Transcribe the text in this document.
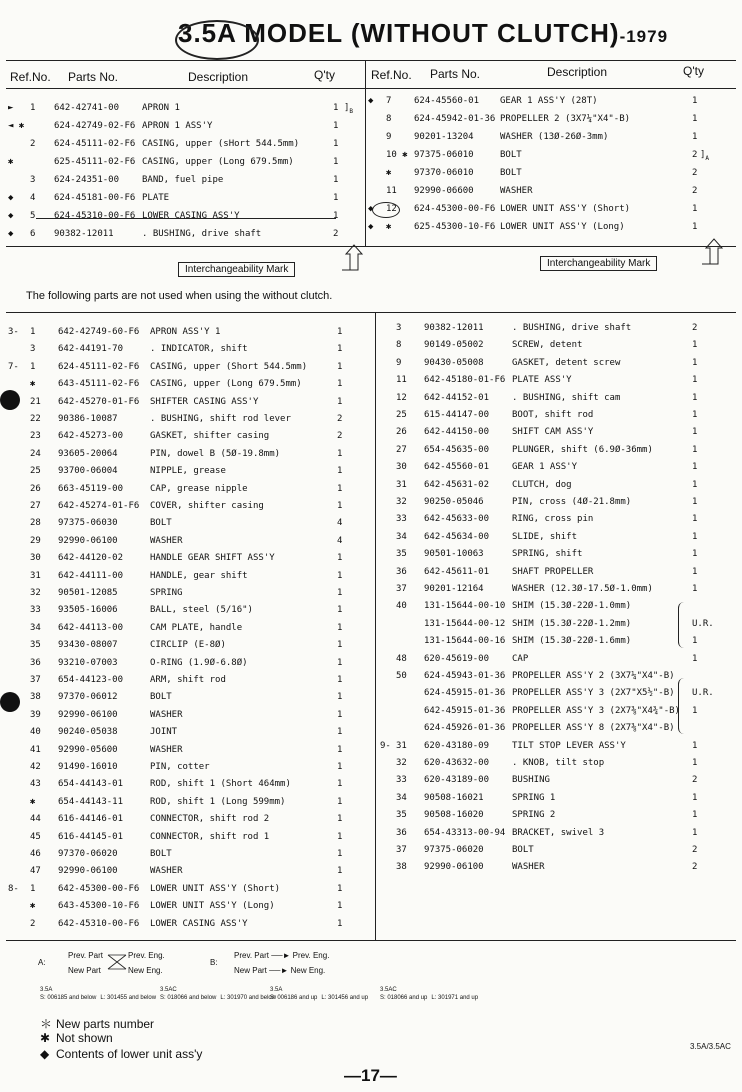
3.5A MODEL (WITHOUT CLUTCH)-1979
Ref.No. Parts No.	Description	Q'ty	Ref.No. Parts No.	Description	Q'ty
► 1 642-42741-00	APRON 1	1
◄ ✱	624-42749-02-F6 APRON 1 ASS'Y	1
2 624-45111-02-F6 CASING, upper (sHort 544.5mm)	1
✱	625-45111-02-F6 CASING, upper (Long 679.5mm)	1
3 624-24351-00	BAND, fuel pipe	1
◆ 4 624-45181-00-F6 PLATE	1
◆ 5 624-45310-00-F6 LOWER CASING ASS'Y	1
◆ 6 90382-12011	. BUSHING, drive shaft	2
◆ 7	624-45560-01 GEAR 1 ASS'Y (28T)	1
8	624-45942-01-36 PROPELLER 2 (3X7¼"X4"-B)	1
9	90201-13204	WASHER (13Ø-26Ø-3mm)	1
10 ✱ 97375-06010	BOLT	2
✱	97370-06010	BOLT	2
11 92990-06600	WASHER	2
◆ 12 624-45300-00-F6 LOWER UNIT ASS'Y (Short)	1
◆ ✱	625-45300-10-F6 LOWER UNIT ASS'Y (Long)	1
]$_B$
]$_A$
Interchangeability Mark
Interchangeability Mark
The following parts are not used when using the without clutch.
3- 1	642-42749-60-F6 APRON ASS'Y 1	1
3	642-44191-70	. INDICATOR, shift	1
7- 1	624-45111-02-F6 CASING, upper (Short 544.5mm)	1
✱	643-45111-02-F6 CASING, upper (Long 679.5mm)	1
21 642-45270-01-F6 SHIFTER CASING ASS'Y	1
22 90386-10087	. BUSHING, shift rod lever	2
23 642-45273-00	GASKET, shifter casing	2
24 93605-20064	PIN, dowel B (5Ø-19.8mm)	1
25 93700-06004	NIPPLE, grease	1
26 663-45119-00	CAP, grease nipple	1
27 642-45274-01-F6 COVER, shifter casing	1
28 97375-06030	BOLT	4
29 92990-06100	WASHER	4
30 642-44120-02	HANDLE GEAR SHIFT ASS'Y	1
31 642-44111-00	HANDLE, gear shift	1
32 90501-12085	SPRING	1
33 93505-16006	BALL, steel (5/16")	1
34 642-44113-00	CAM PLATE, handle	1
35 93430-08007	CIRCLIP (E-8Ø)	1
36 93210-07003	O-RING (1.9Ø-6.8Ø)	1
37 654-44123-00	ARM, shift rod	1
38 97370-06012	BOLT	1
39 92990-06100	WASHER	1
40 90240-05038	JOINT	1
41 92990-05600	WASHER	1
42 91490-16010	PIN, cotter	1
43 654-44143-01	ROD, shift 1 (Short 464mm)	1
✱	654-44143-11	ROD, shift 1 (Long 599mm)	1
44 616-44146-01	CONNECTOR, shift rod 2	1
45 616-44145-01	CONNECTOR, shift rod 1	1
46 97370-06020	BOLT	1
47 92990-06100	WASHER	1
8- 1	642-45300-00-F6 LOWER UNIT ASS'Y (Short)	1
✱	643-45300-10-F6 LOWER UNIT ASS'Y (Long)	1
2	642-45310-00-F6 LOWER CASING ASS'Y	1
3	90382-12011	. BUSHING, drive shaft	2
8	90149-05002	SCREW, detent	1
9	90430-05008	GASKET, detent screw	1
11 642-45180-01-F6 PLATE ASS'Y	1
12 642-44152-01	. BUSHING, shift cam	1
25 615-44147-00	BOOT, shift rod	1
26 642-44150-00	SHIFT CAM ASS'Y	1
27 654-45635-00	PLUNGER, shift (6.9Ø-36mm)	1
30 642-45560-01	GEAR 1 ASS'Y	1
31 642-45631-02	CLUTCH, dog	1
32 90250-05046	PIN, cross (4Ø-21.8mm)	1
33 642-45633-00	RING, cross pin	1
34 642-45634-00	SLIDE, shift	1
35 90501-10063	SPRING, shift	1
36 642-45611-01	SHAFT PROPELLER	1
37 90201-12164	WASHER (12.3Ø-17.5Ø-1.0mm)	1
40 131-15644-00-10 SHIM (15.3Ø-22Ø-1.0mm)
131-15644-00-12 SHIM (15.3Ø-22Ø-1.2mm)	U.R.
131-15644-00-16 SHIM (15.3Ø-22Ø-1.6mm)	1
48 620-45619-00	CAP	1
50 624-45943-01-36 PROPELLER ASS'Y 2 (3X7¼"X4"-B)
624-45915-01-36 PROPELLER ASS'Y 3 (2X7"X5½"-B) U.R.
642-45915-01-36 PROPELLER ASS'Y 3 (2X7⅜"X4¾"-B) 1
624-45926-01-36 PROPELLER ASS'Y 8 (2X7⅜"X4"-B)
9- 31 620-43180-09	TILT STOP LEVER ASS'Y	1
32 620-43632-00	. KNOB, tilt stop	1
33 620-43189-00	BUSHING	2
34 90508-16021	SPRING 1	1
35 90508-16020	SPRING 2	1
36 654-43313-00-94 BRACKET, swivel 3	1
37 97375-06020	BOLT	2
38 92990-06100	WASHER	2
A:
Prev. Part	Prev. Eng.
New Part	New Eng.
B:
Prev. Part ──► Prev. Eng.
New Part ──► New Eng.
3.5A
S: 006185 and below L: 301455 and below
3.5AC
S: 018066 and below L: 301970 and below
3.5A
S: 006186 and up L: 301456 and up
3.5AC
S: 018066 and up L: 301971 and up
＊ New parts number
✱ Not shown
◆ Contents of lower unit ass'y
3.5A/3.5AC
—17—
